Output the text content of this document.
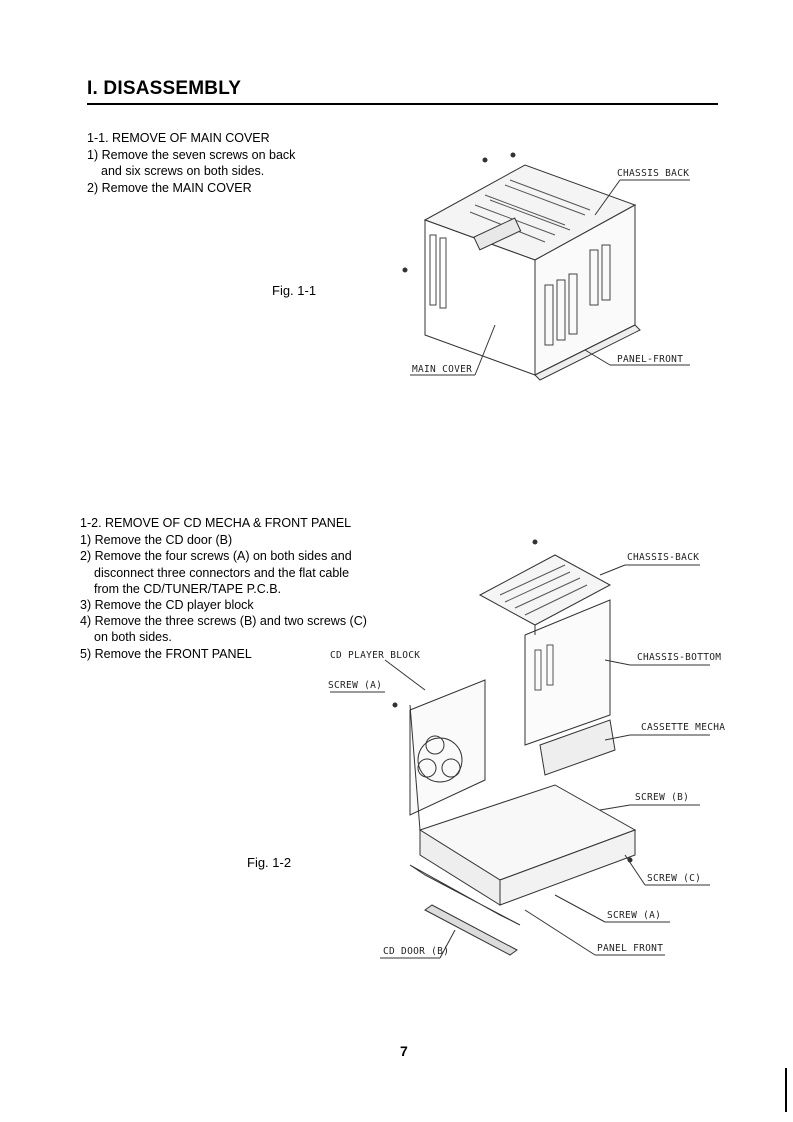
I. DISASSEMBLY
1-1. REMOVE OF MAIN COVER
1) Remove the seven screws on back
and six screws on both sides.
2) Remove the MAIN COVER
Fig. 1-1
CHASSIS BACK
PANEL-FRONT
MAIN COVER
1-2. REMOVE OF CD MECHA & FRONT PANEL
1) Remove the CD door (B)
2) Remove the four screws (A) on both sides and
disconnect three connectors and the flat cable
from the CD/TUNER/TAPE P.C.B.
3) Remove the CD player block
4) Remove the three screws (B) and two screws (C)
on both sides.
5) Remove the FRONT PANEL
Fig. 1-2
CHASSIS-BACK
CD PLAYER BLOCK
SCREW (A)
CHASSIS-BOTTOM
CASSETTE MECHA
SCREW (B)
SCREW (C)
SCREW (A)
PANEL FRONT
CD DOOR (B)
7
